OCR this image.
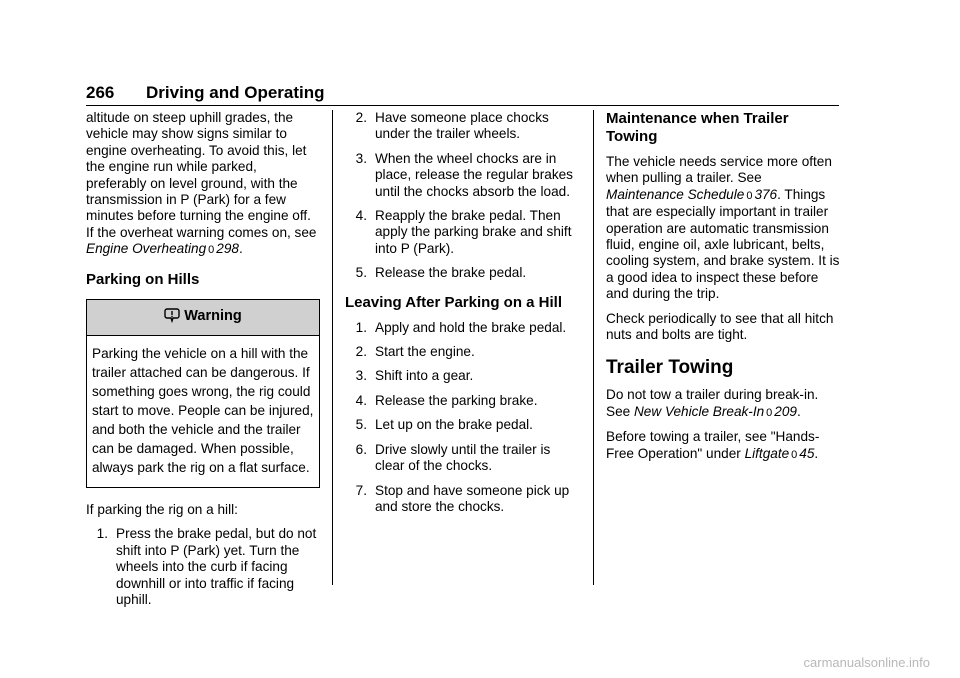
266 Driving and Operating

altitude on steep uphill grades, the vehicle may show signs similar to engine overheating. To avoid this, let the engine run while parked, preferably on level ground, with the transmission in P (Park) for a few minutes before turning the engine off. If the overheat warning comes on, see Engine Overheating 0 298.

Parking on Hills
Warning
Parking the vehicle on a hill with the trailer attached can be dangerous. If something goes wrong, the rig could start to move. People can be injured, and both the vehicle and the trailer can be damaged. When possible, always park the rig on a flat surface.

If parking the rig on a hill:

1. Press the brake pedal, but do not shift into P (Park) yet. Turn the wheels into the curb if facing downhill or into traffic if facing uphill.
2. Have someone place chocks under the trailer wheels.
3. When the wheel chocks are in place, release the regular brakes until the chocks absorb the load.
4. Reapply the brake pedal. Then apply the parking brake and shift into P (Park).
5. Release the brake pedal.
Leaving After Parking on a Hill
1. Apply and hold the brake pedal.
2. Start the engine.
3. Shift into a gear.
4. Release the parking brake.
5. Let up on the brake pedal.
6. Drive slowly until the trailer is clear of the chocks.
7. Stop and have someone pick up and store the chocks.
Maintenance when Trailer Towing

The vehicle needs service more often when pulling a trailer. See Maintenance Schedule 0 376. Things that are especially important in trailer operation are automatic transmission fluid, engine oil, axle lubricant, belts, cooling system, and brake system. It is a good idea to inspect these before and during the trip.

Check periodically to see that all hitch nuts and bolts are tight.

Trailer Towing

Do not tow a trailer during break-in. See New Vehicle Break-In 0 209.

Before towing a trailer, see "Hands-Free Operation" under Liftgate 0 45.

carmanualsonline.info
